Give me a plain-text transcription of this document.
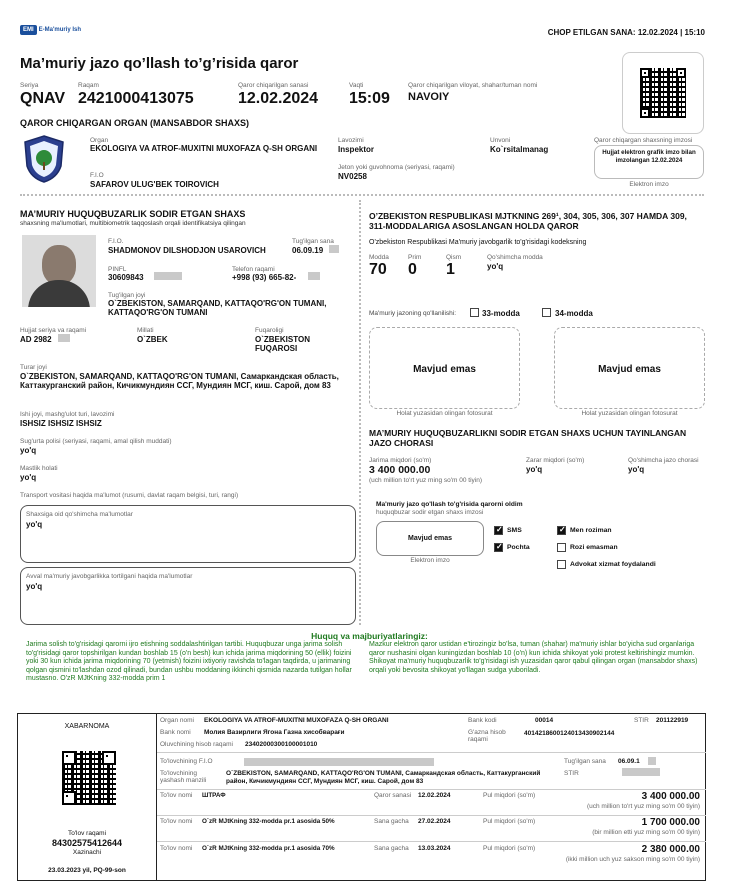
EMI E-Ma'muriy Ish	CHOP ETILGAN SANA: 12.02.2024 | 15:10
Ma’muriy jazo qo’llash to’g’risida qaror
Seriya
QNAV
Raqam
2421000413075
Qaror chiqarilgan sanasi
12.02.2024
Vaqti
15:09
Qaror chiqarilgan viloyat, shahar/tuman nomi
NAVOIY
QAROR CHIQARGAN ORGAN (MANSABDOR SHAXS)
Organ
EKOLOGIYA VA ATROF-MUXITNI MUXOFAZA Q-SH ORGANI
F.I.O
SAFAROV ULUG'BEK TOIROVICH
Lavozimi
Inspektor
Unvoni
Ko`rsitalmanag
Jeton yoki guvohnoma (seriyasi, raqami)
NV0258
Qaror chiqargan shaxsning imzosi
Hujjat elektron grafik imzo bilan imzolangan 12.02.2024
Elektron imzo
MA’MURIY HUQUQBUZARLIK SODIR ETGAN SHAXS
shaxsning ma'lumotlari, multibiometrik taqqoslash orqali identifikatsiya qilingan
F.I.O.
SHADMONOV DILSHODJON USAROVICH
Tug'ilgan sana
06.09.19
PINFL
30609843
Telefon raqami
+998 (93) 665-82-
Tug'ilgan joyi
O`ZBEKISTON, SAMARQAND, KATTAQO'RG'ON TUMANI, KATTAQO'RG'ON TUMANI
Hujjat seriya va raqami
AD 2982
Millati
O`ZBEK
Fuqaroligi
O`ZBEKISTON FUQAROSI
Turar joyi
O`ZBEKISTON, SAMARQAND, KATTAQO'RG'ON TUMANI, Самаркандская область, Каттакурганский район, Кичикмундиян ССГ, Мундиян МСГ, киш. Сарой, дом 83
Ishi joyi, mashg'ulot turi, lavozimi
ISHSIZ ISHSIZ ISHSIZ
Sug'urta polisi (seriyasi, raqami, amal qilish muddati)
yo'q
Mastlik holati
yo'q
Transport vositasi haqida ma'lumot (rusumi, davlat raqam belgisi, turi, rangi)
Shaxsiga oid qo'shimcha ma'lumotlar
yo'q
Avval ma'muriy javobgarlikka tortilgani haqida ma'lumotlar
yo'q
O’ZBEKISTON RESPUBLIKASI MJTKNING 269¹, 304, 305, 306, 307 HAMDA 309, 311-MODDALARIGA ASOSLANGAN HOLDA QAROR
O'zbekiston Respublikasi Ma'muriy javobgarlik to'g'risidagi kodeksning
Modda
70
Prim
0
Qism
1
Qo'shimcha modda
yo'q
Ma'muriy jazoning qo'llanilishi:	33-modda	34-modda
Mavjud emas
Holat yuzasidan olingan fotosurat
Mavjud emas
Holat yuzasidan olingan fotosurat
MA’MURIY HUQUQBUZARLIKNI SODIR ETGAN SHAXS UCHUN TAYINLANGAN JAZO CHORASI
Jarima miqdori (so'm)
3 400 000.00
(uch million to'rt yuz ming so'm 00 tiyin)
Zarar miqdori (so'm)
yo'q
Qo'shimcha jazo chorasi
yo'q
Ma'muriy jazo qo'llash to'g'risida qarorni oldim
huquqbuzar sodir etgan shaxs imzosi
Mavjud emas
Elektron imzo
✓
SMS
✓
Pochta
✓
Men roziman
Rozi emasman
Advokat xizmat foydalandi
Huquq va majburiyatlaringiz:
Jarima solish to'g'risidagi qarorni ijro etishning soddalashtirilgan tartibi. Huquqbuzar unga jarima solish to'g'risidagi qaror topshirilgan kundan boshlab 15 (o'n besh) kun ichida jarima miqdorining 50 (ellik) foizini yoki 30 kun ichida jarima miqdorining 70 (yetmish) foizini ixtiyoriy ravishda to'lagan taqdirda, u jarimaning qolgan qismini to'lashdan ozod qilinadi, bundan ushbu moddaning ikkinchi qismida nazarda tutilgan hollar mustasno. O'zR MJtKning 332-modda prim 1
Mazkur elektron qaror ustidan e'tirozingiz bo'lsa, tuman (shahar) ma'muriy ishlar bo'yicha sud organlariga qaror nushasini olgan kuningizdan boshlab 10 (o'n) kun ichida shikoyat yoki protest keltirishingiz mumkin. Shikoyat ma'muriy huquqbuzarlik to'g'risidagi ish yuzasidan qaror qabul qilingan organ (mansabdor shaxs) orqali yoki bevosita shikoyat yo'llagan sudga yuboriladi.
XABARNOMA
To'lov raqami
84302575412644
Xazinachi
23.03.2023 yil, PQ-99-son
Organ nomi EKOLOGIYA VA ATROF-MUXITNI MUXOFAZA Q-SH ORGANI
Bank nomi Молия Вазирлиги Ягона Газна хисобварағи
Oluvchining hisob raqami 23402000300100001010
Bank kodi	00014	STIR 201122919
G'azna hisob raqami
401421860012401343090​2144
To'lovchining F.I.O	Tug'ilgan sana 06.09.1
To'lovchining yashash manzili
O`ZBEKISTON, SAMARQAND, KATTAQO'RG'ON TUMANI, Самаркандская область, Каттакурганский район, Кичикмундиян ССГ, Мундиян МСГ, киш. Сарой, дом 83
STIR
To'lov nomi ШТРАФ	Qaror sanasi 12.02.2024	Pul miqdori (so'm)	3 400 000.00
(uch million to'rt yuz ming so'm 00 tiyin)
To'lov nomi O`zR MJtKning 332-modda pr.1 asosida 50%	Sana gacha 27.02.2024	Pul miqdori (so'm)	1 700 000.00
(bir million etti yuz ming so'm 00 tiyin)
To'lov nomi O`zR MJtKning 332-modda pr.1 asosida 70%	Sana gacha 13.03.2024	Pul miqdori (so'm)	2 380 000.00
(ikki million uch yuz sakson ming so'm 00 tiyin)
